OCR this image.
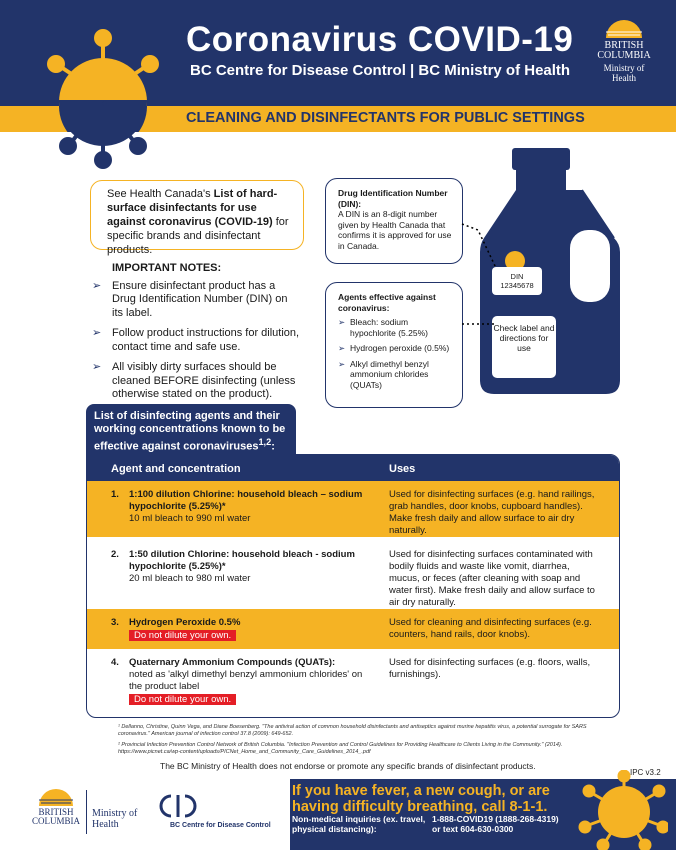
Coronavirus COVID-19
BC Centre for Disease Control | BC Ministry of Health
BRITISH
COLUMBIA
Ministry of
Health
CLEANING AND DISINFECTANTS FOR PUBLIC SETTINGS
See Health Canada's List of hard-surface disinfectants for use against coronavirus (COVID-19) for specific brands and disinfectant products.
IMPORTANT NOTES:
➢ Ensure disinfectant product has a Drug Identification Number (DIN) on its label.
➢ Follow product instructions for dilution, contact time and safe use.
➢ All visibly dirty surfaces should be cleaned BEFORE disinfecting (unless otherwise stated on the product).
Drug Identification Number (DIN):
A DIN is an 8-digit number given by Health Canada that confirms it is approved for use in Canada.
Agents effective against coronavirus:
➢ Bleach: sodium hypochlorite (5.25%)
➢ Hydrogen peroxide (0.5%)
➢ Alkyl dimethyl benzyl ammonium chlorides (QUATs)
DIN
12345678
Check label and directions for use
List of disinfecting agents and their working concentrations known to be effective against coronaviruses$^{1,2}$:
Agent and concentration	Uses
1. 1:100 dilution Chlorine: household bleach – sodium hypochlorite (5.25%)*
10 ml bleach to 990 ml water
Used for disinfecting surfaces (e.g. hand railings, grab handles, door knobs, cupboard handles). Make fresh daily and allow surface to air dry naturally.
2. 1:50 dilution Chlorine: household bleach - sodium hypochlorite (5.25%)*
20 ml bleach to 980 ml water
Used for disinfecting surfaces contaminated with bodily fluids and waste like vomit, diarrhea, mucus, or feces (after cleaning with soap and water first). Make fresh daily and allow surface to air dry naturally.
3. Hydrogen Peroxide 0.5%
Do not dilute your own.
Used for cleaning and disinfecting surfaces (e.g. counters, hand rails, door knobs).
4. Quaternary Ammonium Compounds (QUATs):
noted as 'alkyl dimethyl benzyl ammonium chlorides' on the product label
Do not dilute your own.
Used for disinfecting surfaces (e.g. floors, walls, furnishings).

¹ Dellanno, Christine, Quinn Vega, and Diane Boesenberg. "The antiviral action of common household disinfectants and antiseptics against murine hepatitis virus, a potential surrogate for SARS coronavirus." American journal of infection control 37.8 (2009): 649-652.

² Provincial Infection Prevention Control Network of British Columbia. "Infection Prevention and Control Guidelines for Providing Healthcare to Clients Living in the Community." (2014). https://www.picnet.ca/wp-content/uploads/PICNet_Home_and_Community_Care_Guidelines_2014_.pdf

The BC Ministry of Health does not endorse or promote any specific brands of disinfectant products.
IPC v3.2
BRITISH
COLUMBIA
Ministry of
Health	BC Centre for Disease Control
If you have fever, a new cough, or are having difficulty breathing, call 8-1-1.
Non-medical inquiries (ex. travel, physical distancing):
1-888-COVID19 (1888-268-4319)
or text 604-630-0300
